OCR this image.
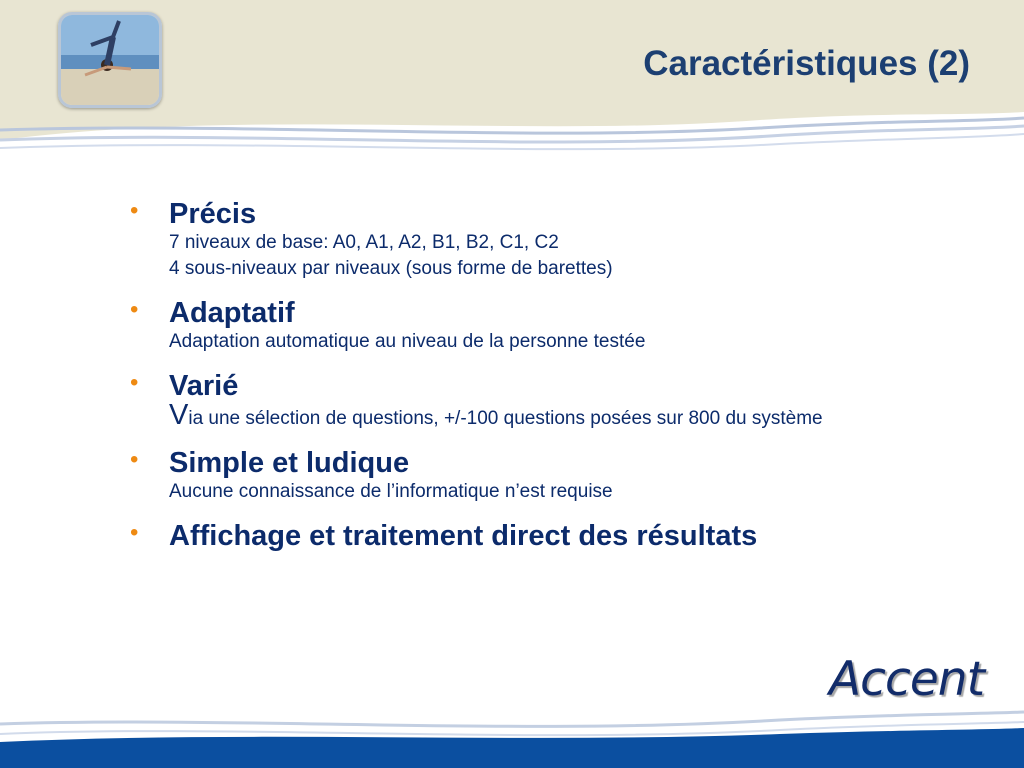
Caractéristiques (2)
• Précis
7 niveaux de base: A0, A1, A2, B1, B2, C1, C2
4 sous-niveaux par niveaux (sous forme de barettes)
• Adaptatif
Adaptation automatique au niveau de la personne testée
• Varié
Via une sélection de questions, +/-100 questions posées sur 800 du système
• Simple et ludique
Aucune connaissance de l’informatique n’est requise
• Affichage et traitement direct des résultats
Accent
